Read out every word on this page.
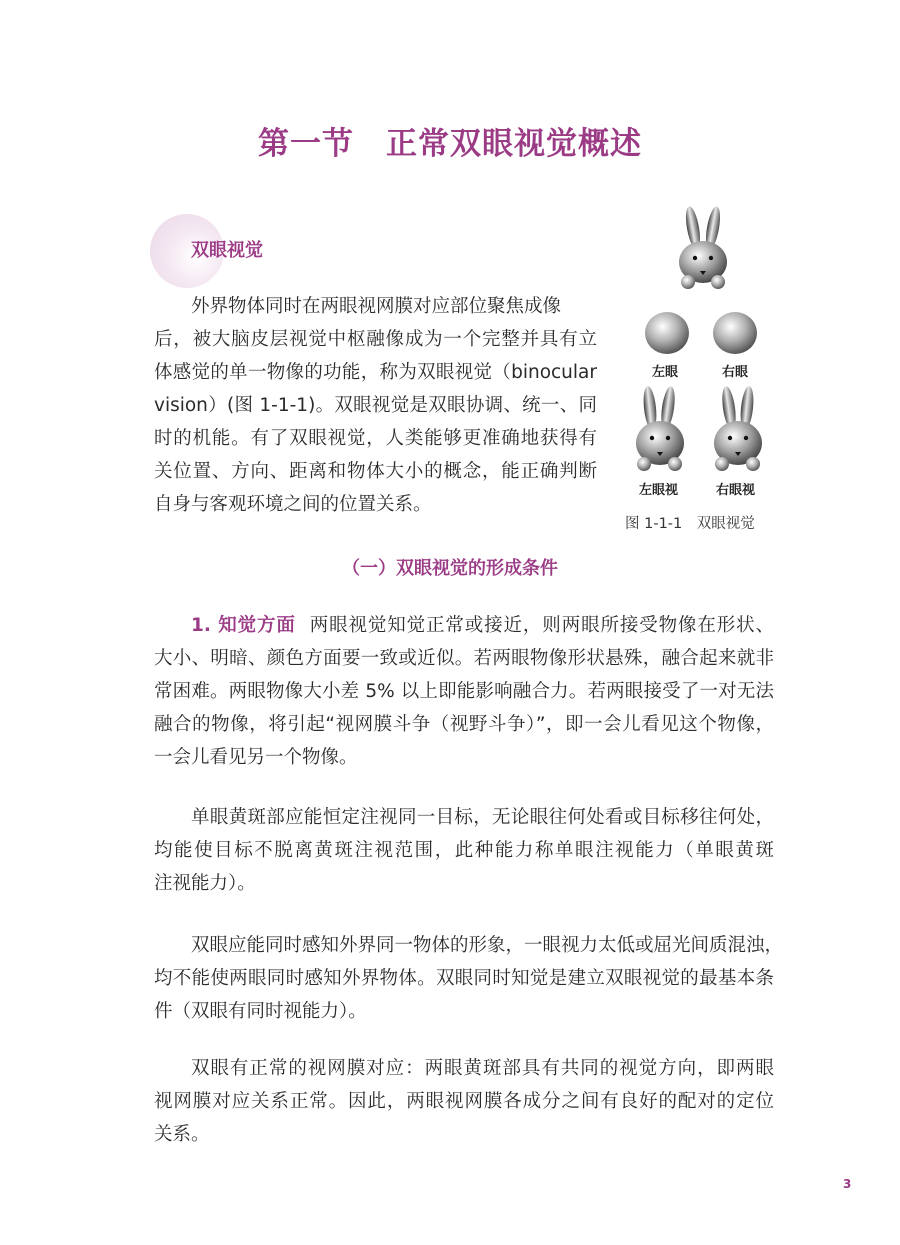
第一节　正常双眼视觉概述
双眼视觉
外界物体同时在两眼视网膜对应部位聚焦成像
后，被大脑皮层视觉中枢融像成为一个完整并具有立
体感觉的单一物像的功能，称为双眼视觉（binocular
vision）(图 1-1-1)。双眼视觉是双眼协调、统一、同
时的机能。有了双眼视觉，人类能够更准确地获得有
关位置、方向、距离和物体大小的概念，能正确判断
自身与客观环境之间的位置关系。
左眼	右眼
左眼视	右眼视
图 1-1-1　双眼视觉
（一）双眼视觉的形成条件
1. 知觉方面 两眼视觉知觉正常或接近，则两眼所接受物像在形状、
大小、明暗、颜色方面要一致或近似。若两眼物像形状悬殊，融合起来就非
常困难。两眼物像大小差 5% 以上即能影响融合力。若两眼接受了一对无法
融合的物像，将引起“视网膜斗争（视野斗争）”，即一会儿看见这个物像，
一会儿看见另一个物像。
单眼黄斑部应能恒定注视同一目标，无论眼往何处看或目标移往何处，
均能使目标不脱离黄斑注视范围，此种能力称单眼注视能力（单眼黄斑
注视能力）。
双眼应能同时感知外界同一物体的形象，一眼视力太低或屈光间质混浊，
均不能使两眼同时感知外界物体。双眼同时知觉是建立双眼视觉的最基本条
件（双眼有同时视能力）。
双眼有正常的视网膜对应：两眼黄斑部具有共同的视觉方向，即两眼
视网膜对应关系正常。因此，两眼视网膜各成分之间有良好的配对的定位
关系。
3
